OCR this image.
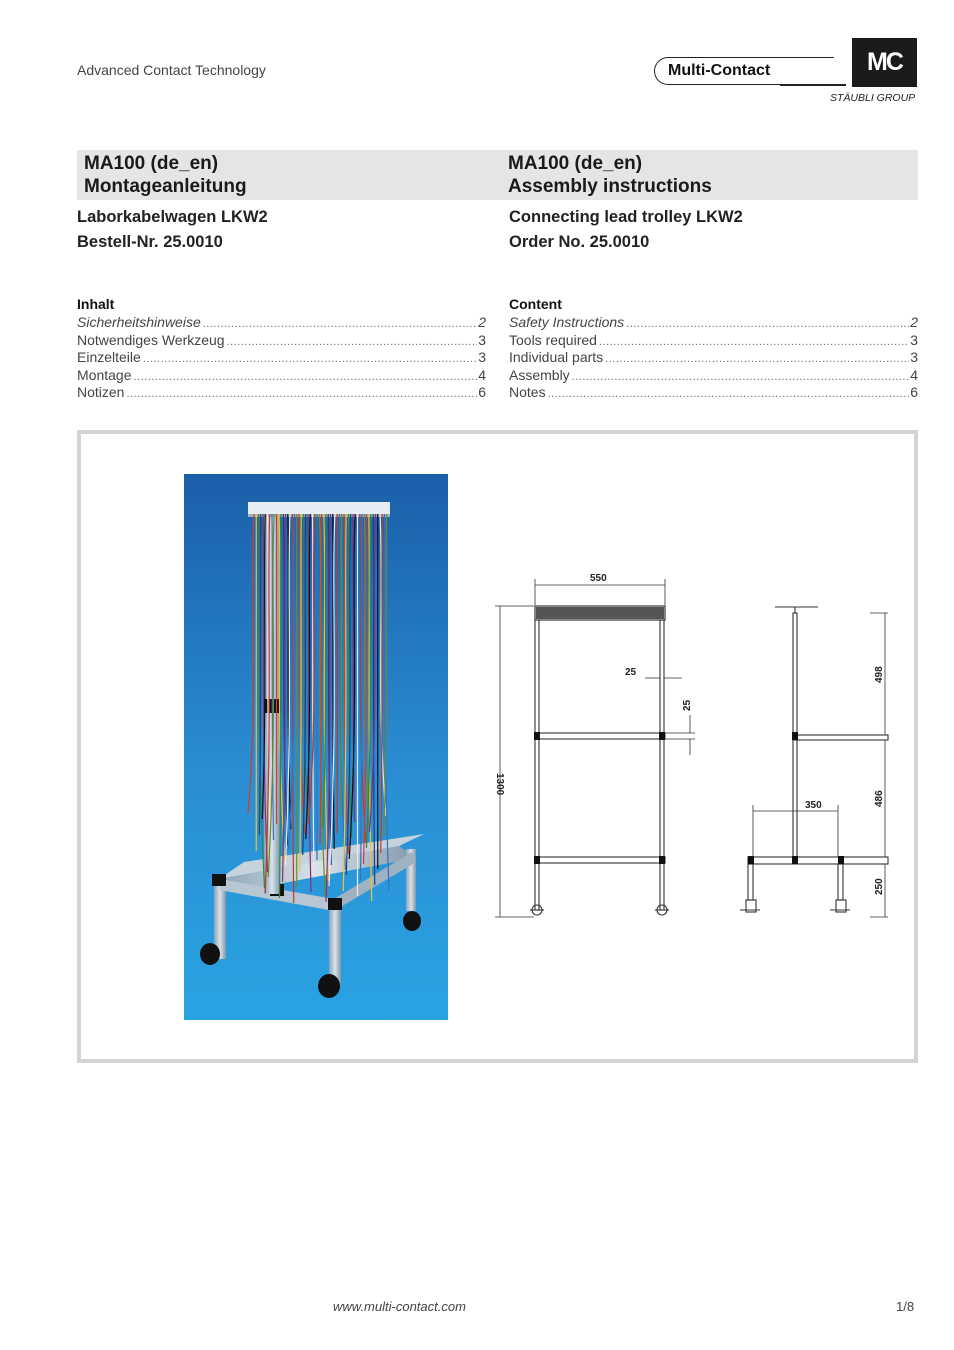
Advanced Contact Technology	Multi-Contact	MC
STÄUBLI GROUP
MA100 (de_en)
Montageanleitung
MA100 (de_en)
Assembly instructions
Laborkabelwagen LKW2
Bestell-Nr. 25.0010
Connecting lead trolley LKW2
Order No. 25.0010
Inhalt
Sicherheitshinweise .....	2
Notwendiges Werkzeug .....	3
Einzelteile .....	3
Montage .....	4
Notizen .....	6
Content
Safety Instructions .....	2
Tools required .....	3
Individual parts .....	3
Assembly .....	4
Notes .....	6
550
25
25
1300
498
486
250
350
www.multi-contact.com	1/8
